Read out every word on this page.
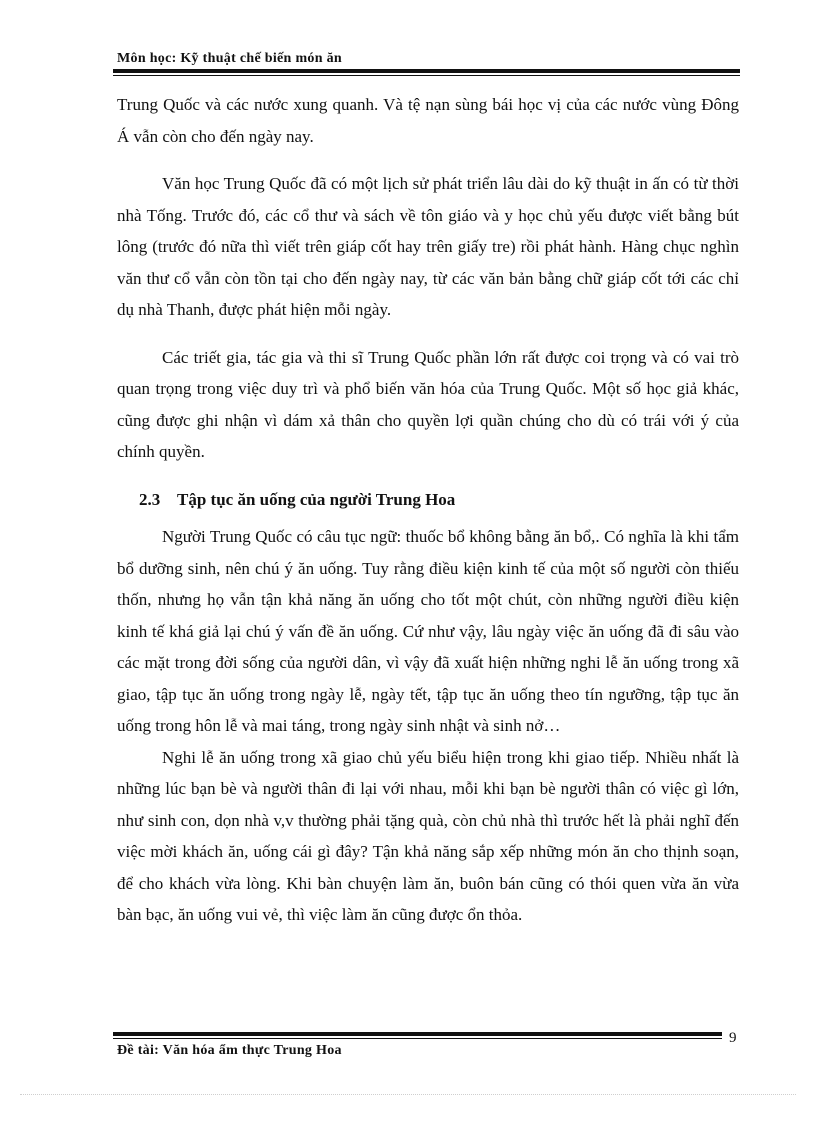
Môn học: Kỹ thuật chế biến món ăn

Trung Quốc và các nước xung quanh. Và tệ nạn sùng bái học vị của các nước vùng Đông Á vẫn còn cho đến ngày nay.

Văn học Trung Quốc đã có một lịch sử phát triển lâu dài do kỹ thuật in ấn có từ thời nhà Tống. Trước đó, các cổ thư và sách về tôn giáo và y học chủ yếu được viết bằng bút lông (trước đó nữa thì viết trên giáp cốt hay trên giấy tre) rồi phát hành. Hàng chục nghìn văn thư cổ vẫn còn tồn tại cho đến ngày nay, từ các văn bản bằng chữ giáp cốt tới các chỉ dụ nhà Thanh, được phát hiện mỗi ngày.

Các triết gia, tác gia và thi sĩ Trung Quốc phần lớn rất được coi trọng và có vai trò quan trọng trong việc duy trì và phổ biến văn hóa của Trung Quốc. Một số học giả khác, cũng được ghi nhận vì dám xả thân cho quyền lợi quần chúng cho dù có trái với ý của chính quyền.

2.3 Tập tục ăn uống của người Trung Hoa

Người Trung Quốc có câu tục ngữ: thuốc bổ không bằng ăn bổ,. Có nghĩa là khi tẩm bổ dưỡng sinh, nên chú ý ăn uống. Tuy rằng điều kiện kinh tế của một số người còn thiếu thốn, nhưng họ vẫn tận khả năng ăn uống cho tốt một chút, còn những người điều kiện kinh tế khá giả lại chú ý vấn đề ăn uống. Cứ như vậy, lâu ngày việc ăn uống đã đi sâu vào các mặt trong đời sống của người dân, vì vậy đã xuất hiện những nghi lễ ăn uống trong xã giao, tập tục ăn uống trong ngày lễ, ngày tết, tập tục ăn uống theo tín ngưỡng, tập tục ăn uống trong hôn lễ và mai táng, trong ngày sinh nhật và sinh nở…

Nghi lễ ăn uống trong xã giao chủ yếu biểu hiện trong khi giao tiếp. Nhiều nhất là những lúc bạn bè và người thân đi lại với nhau, mỗi khi bạn bè người thân có việc gì lớn, như sinh con, dọn nhà v,v thường phải tặng quà, còn chủ nhà thì trước hết là phải nghĩ đến việc mời khách ăn, uống cái gì đây? Tận khả năng sắp xếp những món ăn cho thịnh soạn, để cho khách vừa lòng. Khi bàn chuyện làm ăn, buôn bán cũng có thói quen vừa ăn vừa bàn bạc, ăn uống vui vẻ, thì việc làm ăn cũng được ổn thỏa.

9
Đề tài: Văn hóa ẩm thực Trung Hoa
